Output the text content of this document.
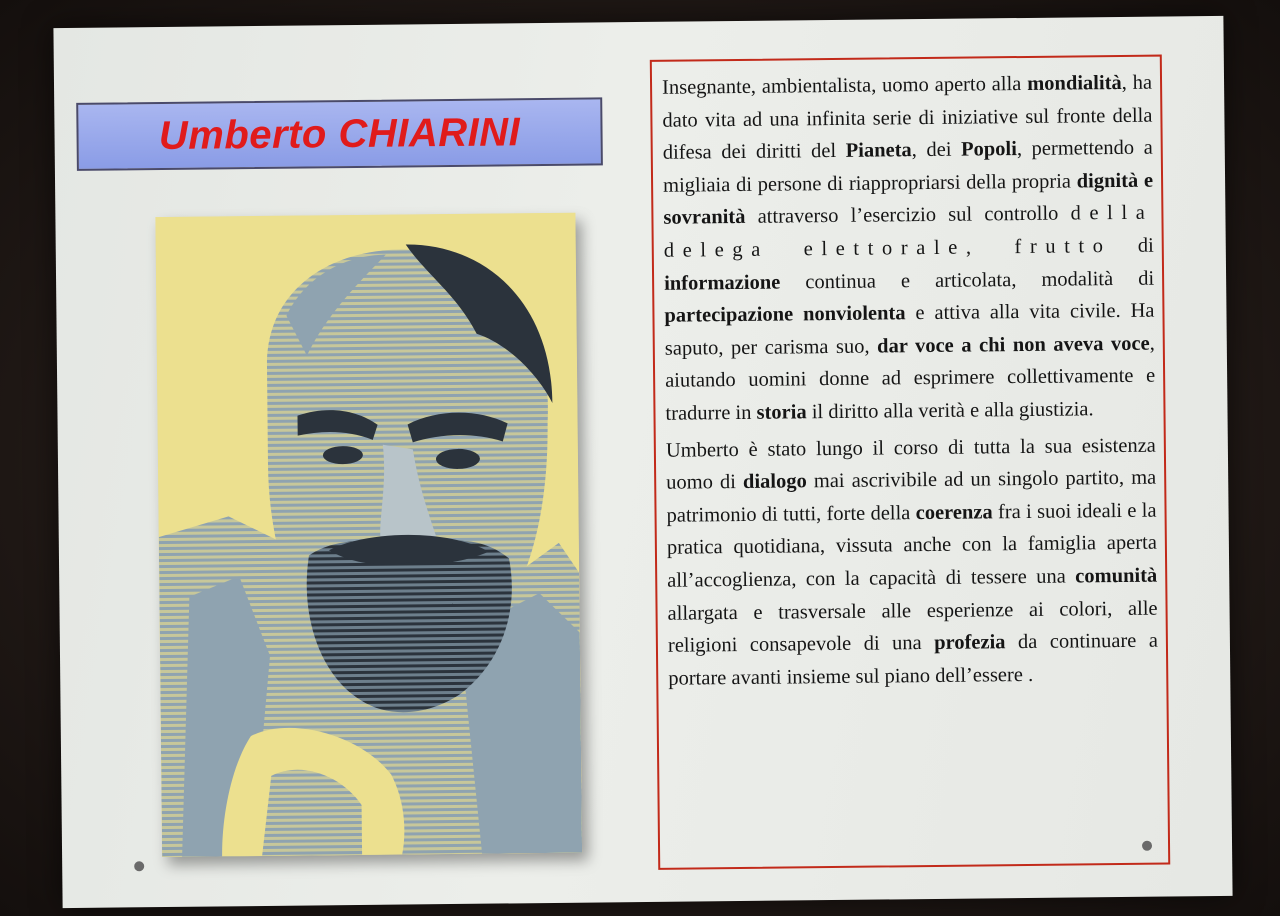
Umberto CHIARINI

Insegnante, ambientalista, uomo aperto alla mondialità, ha dato vita ad una infinita serie di iniziative sul fronte della difesa dei diritti del Pianeta, dei Popoli, permettendo a migliaia di persone di riappropriarsi della propria dignità e sovranità attraverso l’esercizio sul controllo della delega elettorale, frutto di informazione continua e articolata, modalità di partecipazione nonviolenta e attiva alla vita civile. Ha saputo, per carisma suo, dar voce a chi non aveva voce, aiutando uomini donne ad esprimere collettivamente e tradurre in storia il diritto alla verità e alla giustizia.

Umberto è stato lungo il corso di tutta la sua esistenza uomo di dialogo mai ascrivibile ad un singolo partito, ma patrimonio di tutti, forte della coerenza fra i suoi ideali e la pratica quotidiana, vissuta anche con la famiglia aperta all’accoglienza, con la capacità di tessere una comunità allargata e trasversale alle esperienze ai colori, alle religioni consapevole di una profezia da continuare a portare avanti insieme sul piano dell’essere .
